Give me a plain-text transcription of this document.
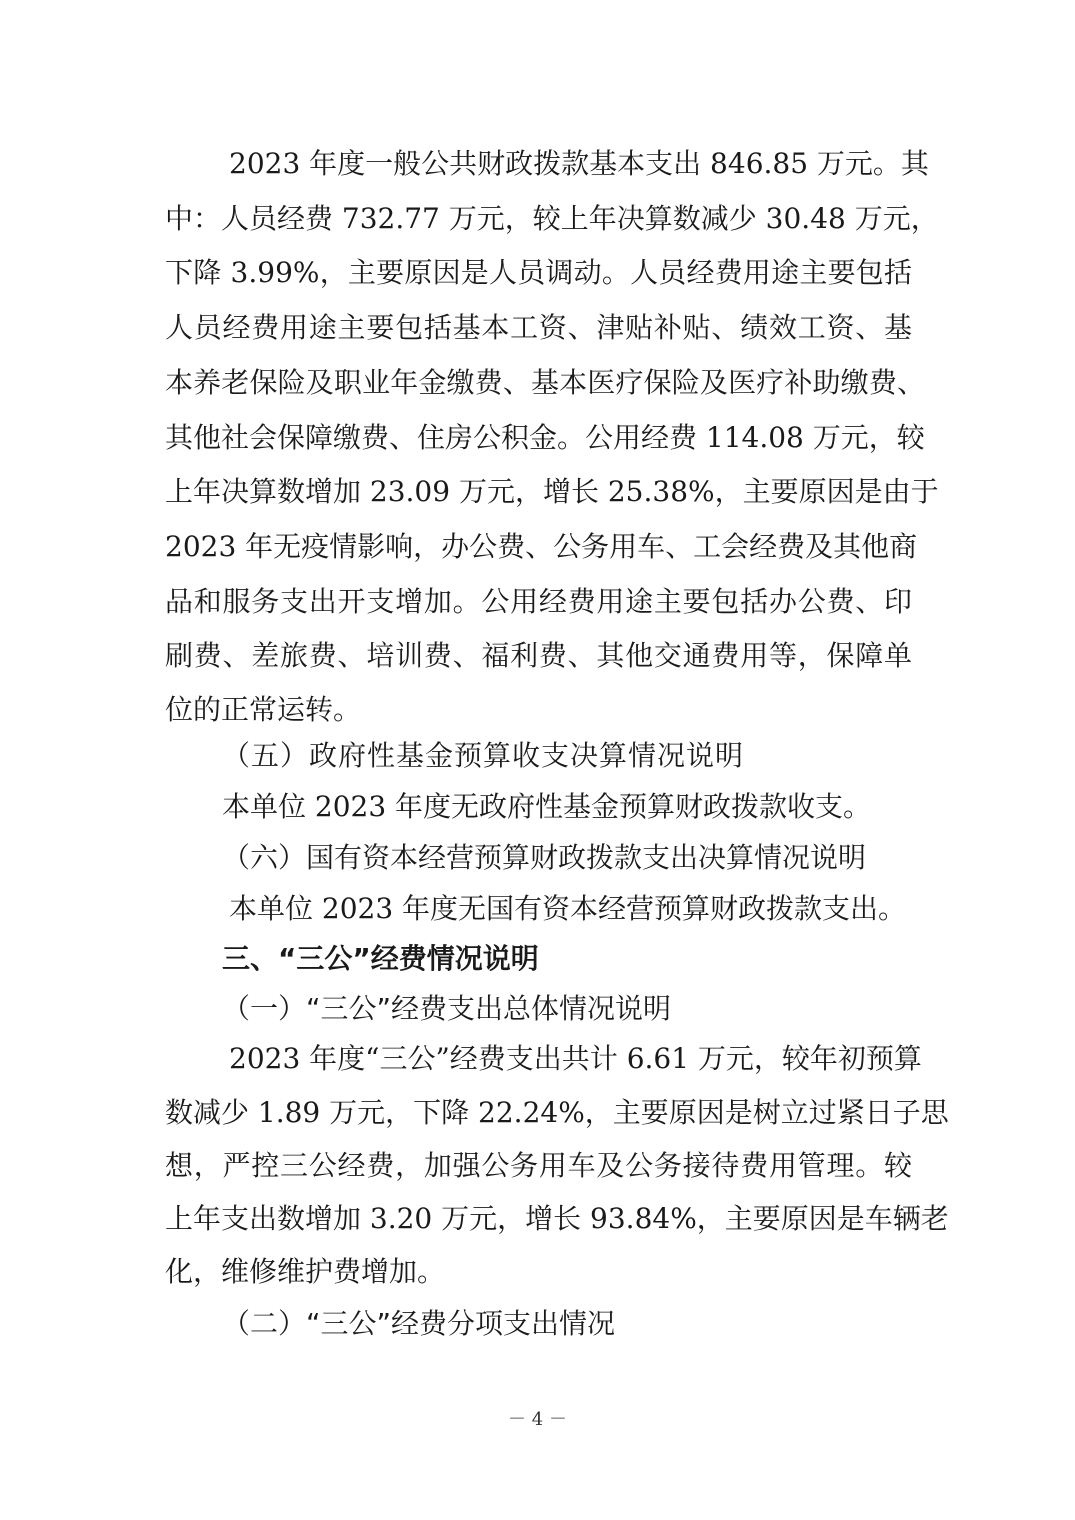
2023 年度一般公共财政拨款基本支出 846.85 万元。其
中：人员经费 732.77 万元，较上年决算数减少 30.48 万元，
下降 3.99%，主要原因是人员调动。人员经费用途主要包括
人员经费用途主要包括基本工资、津贴补贴、绩效工资、基
本养老保险及职业年金缴费、基本医疗保险及医疗补助缴费、
其他社会保障缴费、住房公积金。公用经费 114.08 万元，较
上年决算数增加 23.09 万元，增长 25.38%，主要原因是由于
2023 年无疫情影响，办公费、公务用车、工会经费及其他商
品和服务支出开支增加。公用经费用途主要包括办公费、印
刷费、差旅费、培训费、福利费、其他交通费用等，保障单
位的正常运转。
（五）政府性基金预算收支决算情况说明
本单位 2023 年度无政府性基金预算财政拨款收支。
（六）国有资本经营预算财政拨款支出决算情况说明
本单位 2023 年度无国有资本经营预算财政拨款支出。
三、“三公”经费情况说明
（一）“三公”经费支出总体情况说明
2023 年度“三公”经费支出共计 6.61 万元，较年初预算
数减少 1.89 万元，下降 22.24%，主要原因是树立过紧日子思
想，严控三公经费，加强公务用车及公务接待费用管理。较
上年支出数增加 3.20 万元，增长 93.84%，主要原因是车辆老
化，维修维护费增加。
（二）“三公”经费分项支出情况
－ 4 －
